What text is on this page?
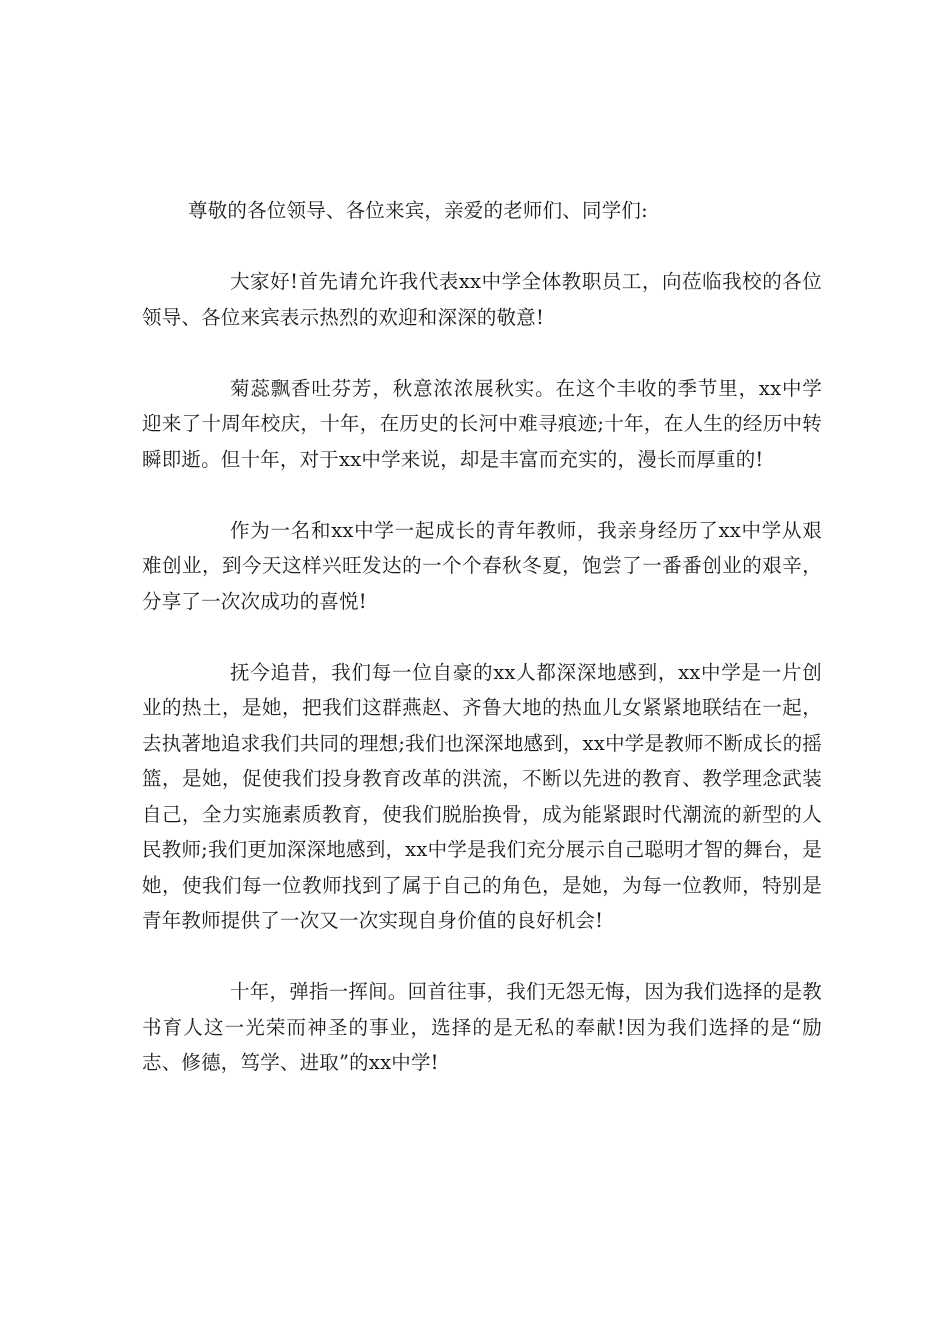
尊敬的各位领导、各位来宾，亲爱的老师们、同学们:

大家好!首先请允许我代表xx中学全体教职员工，向莅临我校的各位领导、各位来宾表示热烈的欢迎和深深的敬意!

菊蕊飘香吐芬芳，秋意浓浓展秋实。在这个丰收的季节里，xx中学迎来了十周年校庆，十年，在历史的长河中难寻痕迹;十年，在人生的经历中转瞬即逝。但十年，对于xx中学来说，却是丰富而充实的，漫长而厚重的!

作为一名和xx中学一起成长的青年教师，我亲身经历了xx中学从艰难创业，到今天这样兴旺发达的一个个春秋冬夏，饱尝了一番番创业的艰辛，分享了一次次成功的喜悦!

抚今追昔，我们每一位自豪的xx人都深深地感到，xx中学是一片创业的热土，是她，把我们这群燕赵、齐鲁大地的热血儿女紧紧地联结在一起，去执著地追求我们共同的理想;我们也深深地感到，xx中学是教师不断成长的摇篮，是她，促使我们投身教育改革的洪流，不断以先进的教育、教学理念武装自己，全力实施素质教育，使我们脱胎换骨，成为能紧跟时代潮流的新型的人民教师;我们更加深深地感到，xx中学是我们充分展示自己聪明才智的舞台，是她，使我们每一位教师找到了属于自己的角色，是她，为每一位教师，特别是青年教师提供了一次又一次实现自身价值的良好机会!

十年，弹指一挥间。回首往事，我们无怨无悔，因为我们选择的是教书育人这一光荣而神圣的事业，选择的是无私的奉献!因为我们选择的是“励志、修德，笃学、进取”的xx中学!
